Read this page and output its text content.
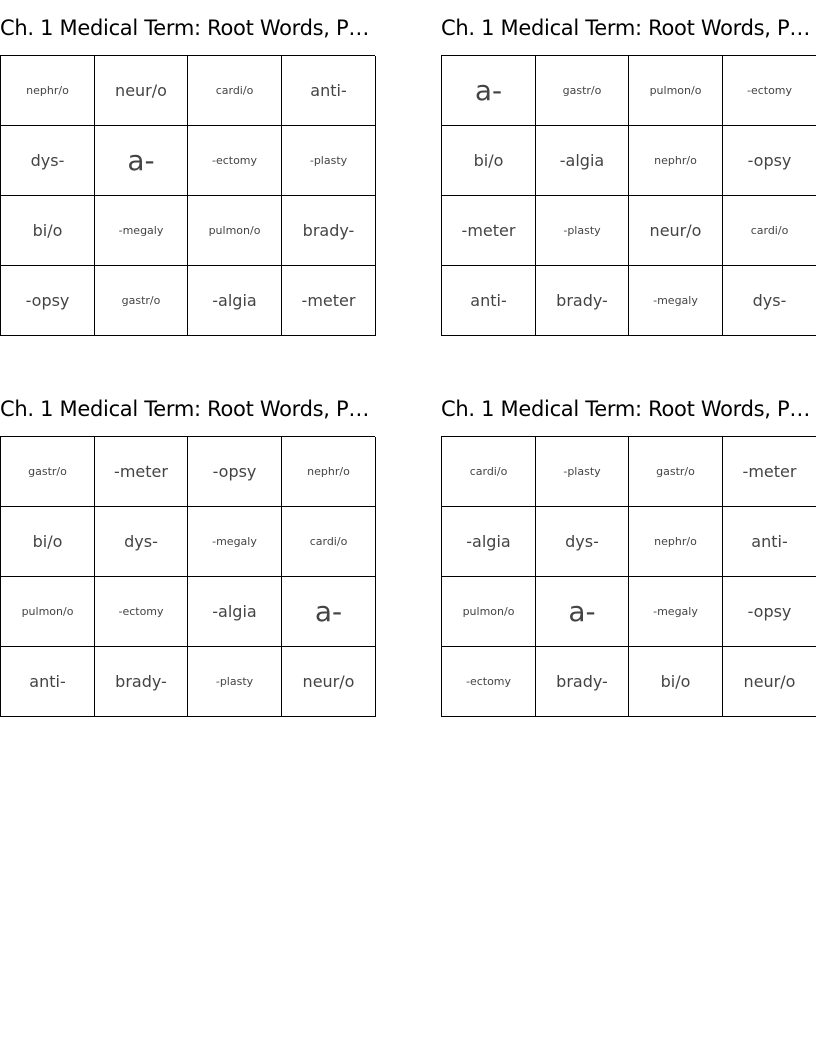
Ch. 1 Medical Term: Root Words, P…
nephr/o	neur/o	cardi/o	anti-
dys-	a-	-ectomy	-plasty
bi/o	-megaly	pulmon/o	brady-
-opsy	gastr/o	-algia	-meter
Ch. 1 Medical Term: Root Words, P…
a-	gastr/o	pulmon/o	-ectomy
bi/o	-algia	nephr/o	-opsy
-meter	-plasty	neur/o	cardi/o
anti-	brady-	-megaly	dys-
Ch. 1 Medical Term: Root Words, P…
gastr/o	-meter	-opsy	nephr/o
bi/o	dys-	-megaly	cardi/o
pulmon/o	-ectomy	-algia	a-
anti-	brady-	-plasty	neur/o
Ch. 1 Medical Term: Root Words, P…
cardi/o	-plasty	gastr/o	-meter
-algia	dys-	nephr/o	anti-
pulmon/o	a-	-megaly	-opsy
-ectomy	brady-	bi/o	neur/o
